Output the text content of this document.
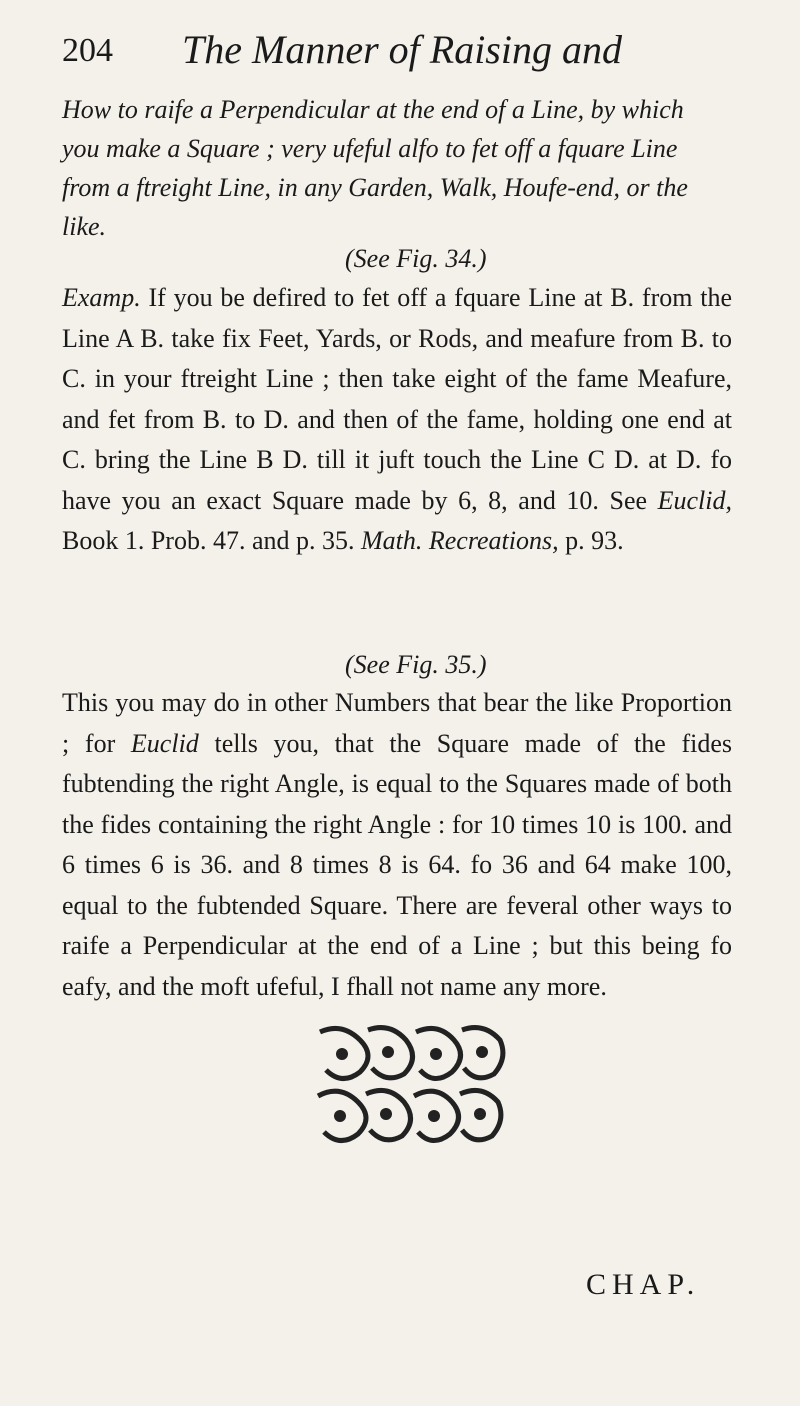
204 The Manner of Raising and
How to raife a Perpendicular at the end of a Line, by which you make a Square ; very ufeful alfo to fet off a fquare Line from a ftreight Line, in any Garden, Walk, Houfe-end, or the like.
(See Fig. 34.)
Examp. If you be defired to fet off a fquare Line at B. from the Line A B. take fix Feet, Yards, or Rods, and meafure from B. to C. in your ftreight Line ; then take eight of the fame Meafure, and fet from B. to D. and then of the fame, holding one end at C. bring the Line B D. till it juft touch the Line C D. at D. fo have you an exact Square made by 6, 8, and 10. See Euclid, Book 1. Prob. 47. and p. 35. Math. Recreations, p. 93.
(See Fig. 35.)
This you may do in other Numbers that bear the like Proportion ; for Euclid tells you, that the Square made of the fides fubtending the right Angle, is equal to the Squares made of both the fides containing the right Angle : for 10 times 10 is 100. and 6 times 6 is 36. and 8 times 8 is 64. fo 36 and 64 make 100, equal to the fubtended Square. There are feveral other ways to raife a Perpendicular at the end of a Line ; but this being fo eafy, and the moft ufeful, I fhall not name any more.
CHAP.
